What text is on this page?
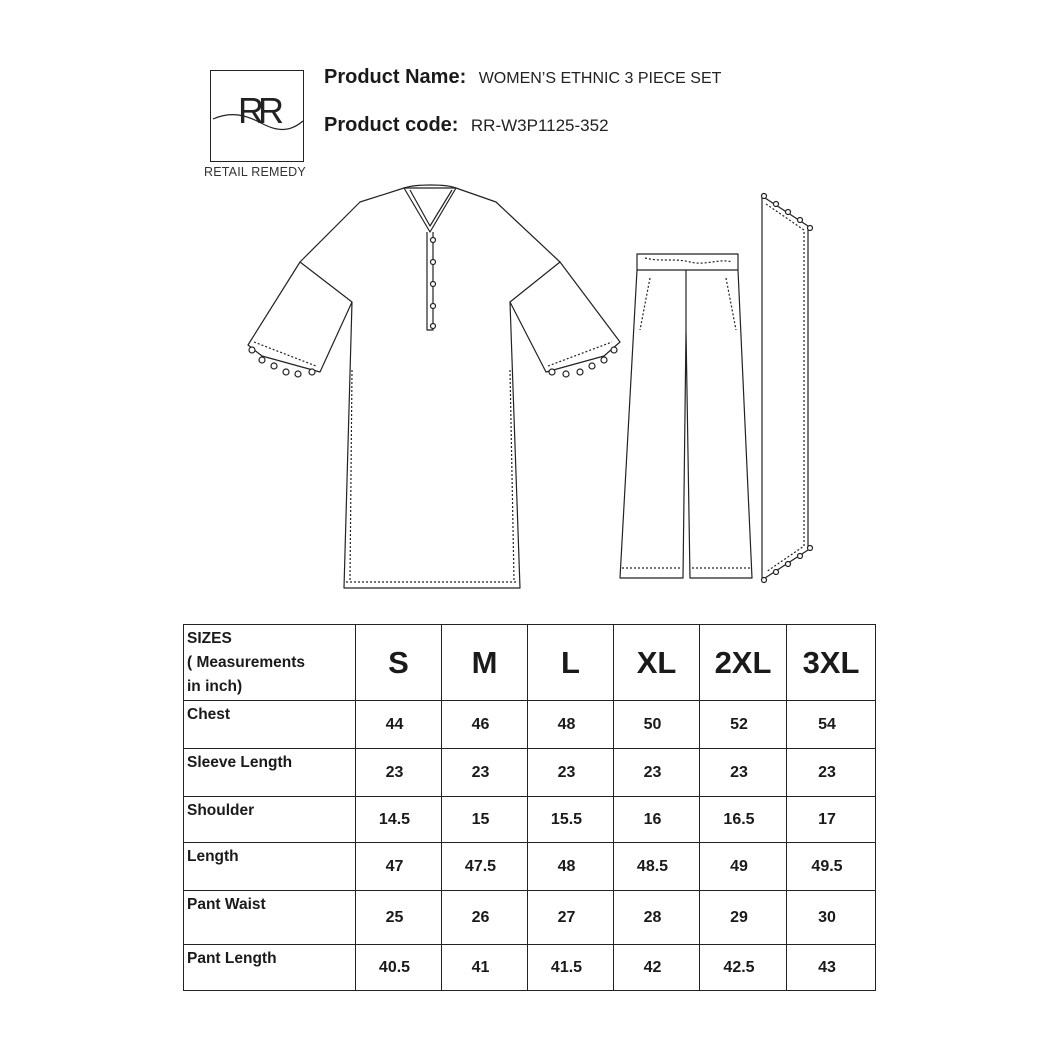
RR
RETAIL REMEDY
Product Name: WOMEN’S ETHNIC 3 PIECE SET
Product code: RR-W3P1125-352
SIZES
( Measurements
in inch)	S	M	L	XL	2XL	3XL
Chest	44	46	48	50	52	54
Sleeve Length	23	23	23	23	23	23
Shoulder	14.5	15	15.5	16	16.5	17
Length	47	47.5	48	48.5	49	49.5
Pant Waist	25	26	27	28	29	30
Pant Length	40.5	41	41.5	42	42.5	43
